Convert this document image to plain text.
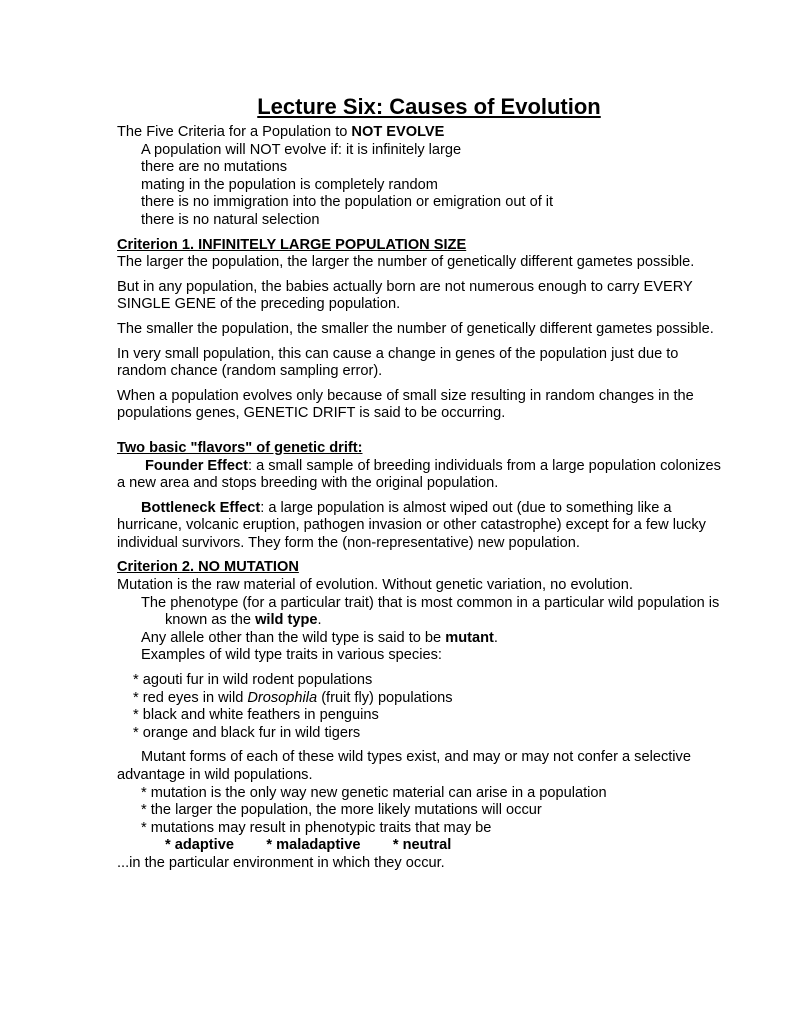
Lecture Six: Causes of Evolution

The Five Criteria for a Population to NOT EVOLVE

A population will NOT evolve if: it is infinitely large

there are no mutations

mating in the population is completely random

there is no immigration into the population or emigration out of it

there is no natural selection

Criterion 1. INFINITELY LARGE POPULATION SIZE

The larger the population, the larger the number of genetically different gametes possible.

But in any population, the babies actually born are not numerous enough to carry EVERY SINGLE GENE of the preceding population.

The smaller the population, the smaller the number of genetically different gametes possible.

In very small population, this can cause a change in genes of the population just due to random chance (random sampling error).

When a population evolves only because of small size resulting in random changes in the populations genes, GENETIC DRIFT is said to be occurring.

Two basic "flavors" of genetic drift:

Founder Effect: a small sample of breeding individuals from a large population colonizes a new area and stops breeding with the original population.

Bottleneck Effect: a large population is almost wiped out (due to something like a hurricane, volcanic eruption, pathogen invasion or other catastrophe) except for a few lucky individual survivors. They form the (non-representative) new population.

Criterion 2. NO MUTATION

Mutation is the raw material of evolution. Without genetic variation, no evolution.

The phenotype (for a particular trait) that is most common in a particular wild population is known as the wild type.

Any allele other than the wild type is said to be mutant.

Examples of wild type traits in various species:

* agouti fur in wild rodent populations

* red eyes in wild Drosophila (fruit fly) populations

* black and white feathers in penguins

* orange and black fur in wild tigers

Mutant forms of each of these wild types exist, and may or may not confer a selective advantage in wild populations.

* mutation is the only way new genetic material can arise in a population

* the larger the population, the more likely mutations will occur

* mutations may result in phenotypic traits that may be

* adaptive        * maladaptive        * neutral

...in the particular environment in which they occur.
